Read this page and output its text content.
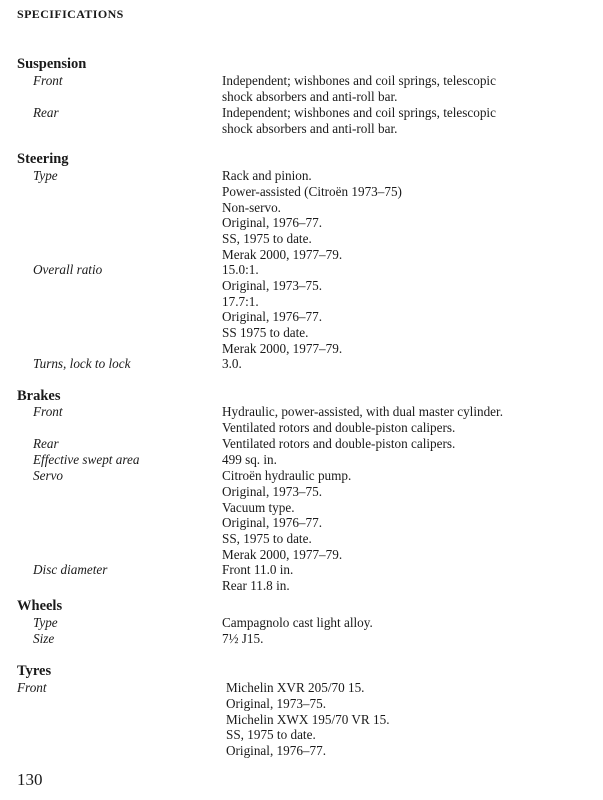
SPECIFICATIONS
Suspension
Front	Independent; wishbones and coil springs, telescopic
shock absorbers and anti-roll bar.
Rear	Independent; wishbones and coil springs, telescopic
shock absorbers and anti-roll bar.
Steering
Type	Rack and pinion.
Power-assisted (Citroën 1973–75)
Non-servo.
Original, 1976–77.
SS, 1975 to date.
Merak 2000, 1977–79.
Overall ratio	15.0:1.
Original, 1973–75.
17.7:1.
Original, 1976–77.
SS 1975 to date.
Merak 2000, 1977–79.
Turns, lock to lock	3.0.
Brakes
Front	Hydraulic, power-assisted, with dual master cylinder.
Ventilated rotors and double-piston calipers.
Rear	Ventilated rotors and double-piston calipers.
Effective swept area	499 sq. in.
Servo	Citroën hydraulic pump.
Original, 1973–75.
Vacuum type.
Original, 1976–77.
SS, 1975 to date.
Merak 2000, 1977–79.
Disc diameter	Front 11.0 in.
Rear 11.8 in.
Wheels
Type	Campagnolo cast light alloy.
Size	7½ J15.
Tyres
Front	Michelin XVR 205/70 15.
Original, 1973–75.
Michelin XWX 195/70 VR 15.
SS, 1975 to date.
Original, 1976–77.
130
